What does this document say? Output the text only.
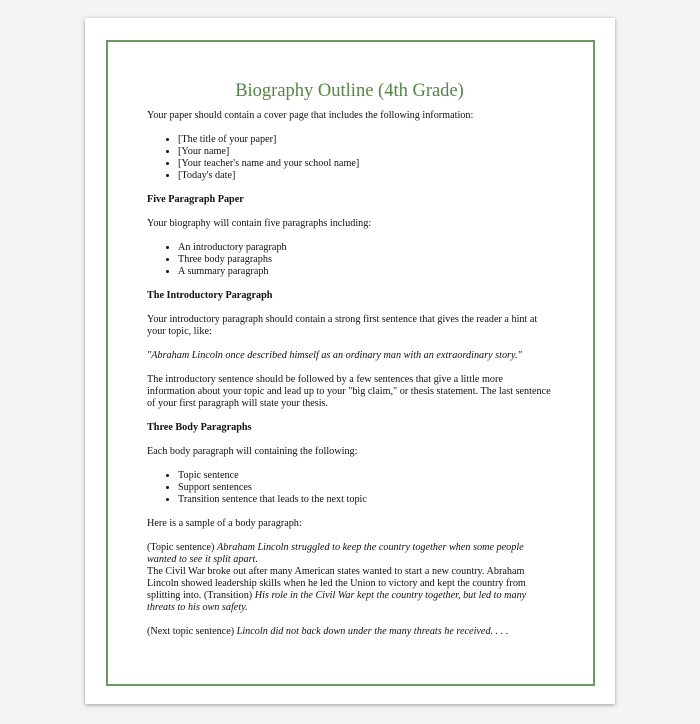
Biography Outline (4th Grade)

Your paper should contain a cover page that includes the following information:

• [The title of your paper]
• [Your name]
• [Your teacher's name and your school name]
• [Today's date]
Five Paragraph Paper

Your biography will contain five paragraphs including:

• An introductory paragraph
• Three body paragraphs
• A summary paragraph
The Introductory Paragraph

Your introductory paragraph should contain a strong first sentence that gives the reader a hint at your topic, like:

"Abraham Lincoln once described himself as an ordinary man with an extraordinary story."

The introductory sentence should be followed by a few sentences that give a little more information about your topic and lead up to your "big claim," or thesis statement. The last sentence of your first paragraph will state your thesis.

Three Body Paragraphs

Each body paragraph will containing the following:

• Topic sentence
• Support sentences
• Transition sentence that leads to the next topic

Here is a sample of a body paragraph:

(Topic sentence) Abraham Lincoln struggled to keep the country together when some people wanted to see it split apart.

The Civil War broke out after many American states wanted to start a new country. Abraham Lincoln showed leadership skills when he led the Union to victory and kept the country from splitting into. (Transition) His role in the Civil War kept the country together, but led to many threats to his own safety.

(Next topic sentence) Lincoln did not back down under the many threats he received. . . .
